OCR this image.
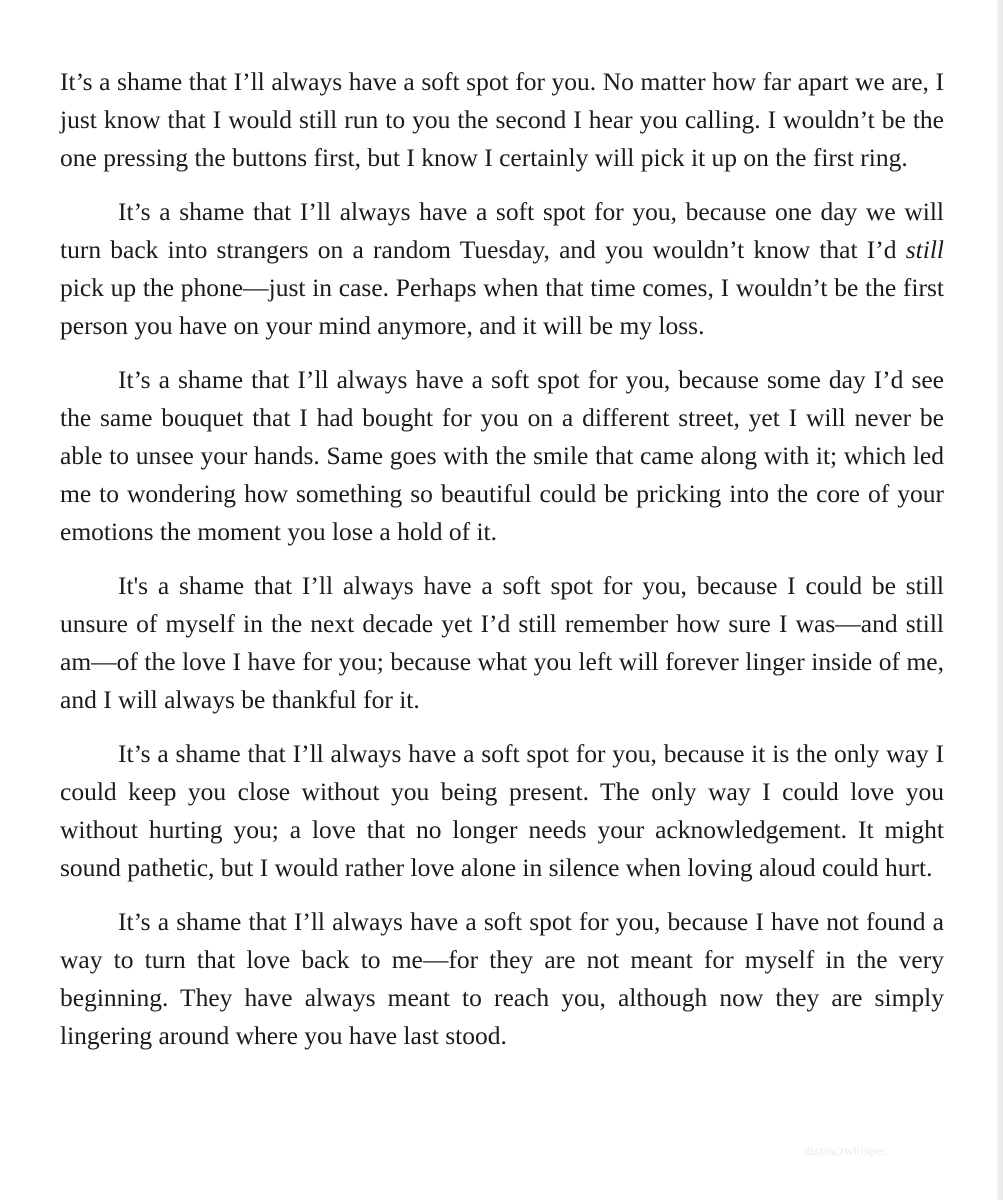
It’s a shame that I’ll always have a soft spot for you. No matter how far apart we are, I just know that I would still run to you the second I hear you calling. I wouldn’t be the one pressing the buttons first, but I know I certainly will pick it up on the first ring.

It’s a shame that I’ll always have a soft spot for you, because one day we will turn back into strangers on a random Tuesday, and you wouldn’t know that I’d still pick up the phone—just in case. Perhaps when that time comes, I wouldn’t be the first person you have on your mind anymore, and it will be my loss.

It’s a shame that I’ll always have a soft spot for you, because some day I’d see the same bouquet that I had bought for you on a different street, yet I will never be able to unsee your hands. Same goes with the smile that came along with it; which led me to wondering how something so beautiful could be pricking into the core of your emotions the moment you lose a hold of it.

It's a shame that I’ll always have a soft spot for you, because I could be still unsure of myself in the next decade yet I’d still remember how sure I was—and still am—of the love I have for you; because what you left will forever linger inside of me, and I will always be thankful for it.

It’s a shame that I’ll always have a soft spot for you, because it is the only way I could keep you close without you being present. The only way I could love you without hurting you; a love that no longer needs your acknowledgement. It might sound pathetic, but I would rather love alone in silence when loving aloud could hurt.

It’s a shame that I’ll always have a soft spot for you, because I have not found a way to turn that love back to me—for they are not meant for myself in the very beginning. They have always meant to reach you, although now they are simply lingering around where you have last stood.

distinctwhisper.
